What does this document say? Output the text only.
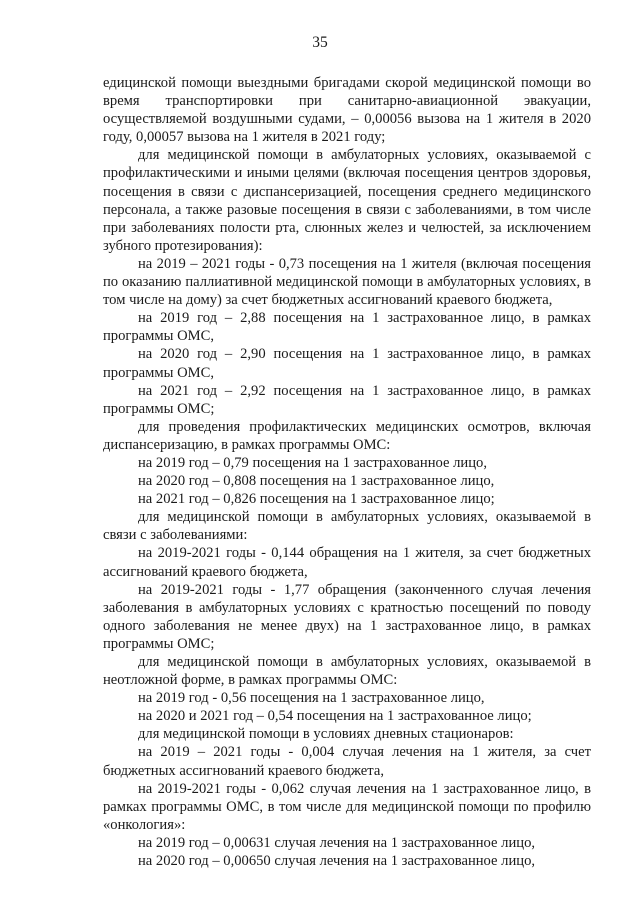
35

едицинской помощи выездными бригадами скорой медицинской помощи во время транспортировки при санитарно-авиационной эвакуации, осуществляемой воздушными судами, – 0,00056 вызова на 1 жителя в 2020 году, 0,00057 вызова на 1 жителя в 2021 году;

для медицинской помощи в амбулаторных условиях, оказываемой с профилактическими и иными целями (включая посещения центров здоровья, посещения в связи с диспансеризацией, посещения среднего медицинского персонала, а также разовые посещения в связи с заболеваниями, в том числе при заболеваниях полости рта, слюнных желез и челюстей, за исключением зубного протезирования):

на 2019 – 2021 годы - 0,73 посещения на 1 жителя (включая посещения по оказанию паллиативной медицинской помощи в амбулаторных условиях, в том числе на дому) за счет бюджетных ассигнований краевого бюджета,

на 2019 год – 2,88 посещения на 1 застрахованное лицо, в рамках программы ОМС,

на 2020 год – 2,90 посещения на 1 застрахованное лицо, в рамках программы ОМС,

на 2021 год – 2,92 посещения на 1 застрахованное лицо, в рамках программы ОМС;

для проведения профилактических медицинских осмотров, включая диспансеризацию, в рамках программы ОМС:

на 2019 год – 0,79 посещения на 1 застрахованное лицо,

на 2020 год – 0,808 посещения на 1 застрахованное лицо,

на 2021 год – 0,826 посещения на 1 застрахованное лицо;

для медицинской помощи в амбулаторных условиях, оказываемой в связи с заболеваниями:

на 2019-2021 годы - 0,144 обращения на 1 жителя, за счет бюджетных ассигнований краевого бюджета,

на 2019-2021 годы - 1,77 обращения (законченного случая лечения заболевания в амбулаторных условиях с кратностью посещений по поводу одного заболевания не менее двух) на 1 застрахованное лицо, в рамках программы ОМС;

для медицинской помощи в амбулаторных условиях, оказываемой в неотложной форме, в рамках программы ОМС:

на 2019 год - 0,56 посещения на 1 застрахованное лицо,

на 2020 и 2021 год – 0,54 посещения на 1 застрахованное лицо;

для медицинской помощи в условиях дневных стационаров:

на 2019 – 2021 годы - 0,004 случая лечения на 1 жителя, за счет бюджетных ассигнований краевого бюджета,

на 2019-2021 годы - 0,062 случая лечения на 1 застрахованное лицо, в рамках программы ОМС, в том числе для медицинской помощи по профилю «онкология»:

на 2019 год – 0,00631 случая лечения на 1 застрахованное лицо,

на 2020 год – 0,00650 случая лечения на 1 застрахованное лицо,
